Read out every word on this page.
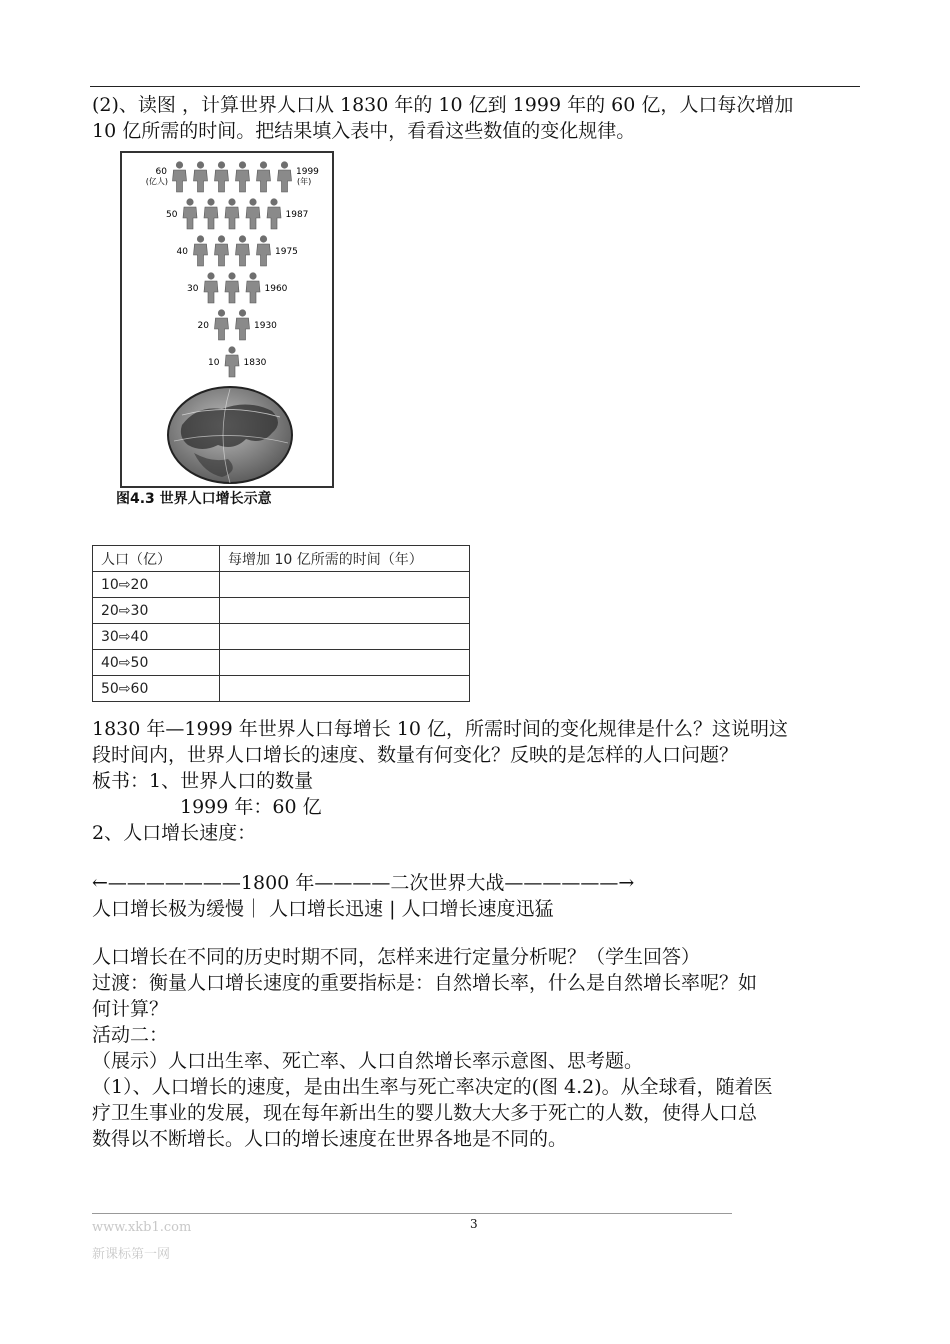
(2)、读图 ，计算世界人口从 1830 年的 10 亿到 1999 年的 60 亿，人口每次增加
10 亿所需的时间。把结果填入表中，看看这些数值的变化规律。
60
(亿人)
1999
(年)
50	1987
40	1975
30	1960
20	1930
10	1830
图4.3 世界人口增长示意
人口（亿）	每增加 10 亿所需的时间（年）
10⇨20	
20⇨30	
30⇨40	
40⇨50	
50⇨60	
1830 年—1999 年世界人口每增长 10 亿，所需时间的变化规律是什么？这说明这
段时间内，世界人口增长的速度、数量有何变化？反映的是怎样的人口问题？
板书：1、世界人口的数量
1999 年：60 亿
2、人口增长速度：
←———————1800 年————二次世界大战——————→
人口增长极为缓慢｜ 人口增长迅速 | 人口增长速度迅猛
人口增长在不同的历史时期不同，怎样来进行定量分析呢？（学生回答）
过渡：衡量人口增长速度的重要指标是：自然增长率，什么是自然增长率呢？如
何计算？
活动二：
（展示）人口出生率、死亡率、人口自然增长率示意图、思考题。
（1）、人口增长的速度，是由出生率与死亡率决定的(图 4.2)。从全球看，随着医
疗卫生事业的发展，现在每年新出生的婴儿数大大多于死亡的人数，使得人口总
数得以不断增长。人口的增长速度在世界各地是不同的。
3
www.xkb1.com
新课标第一网
